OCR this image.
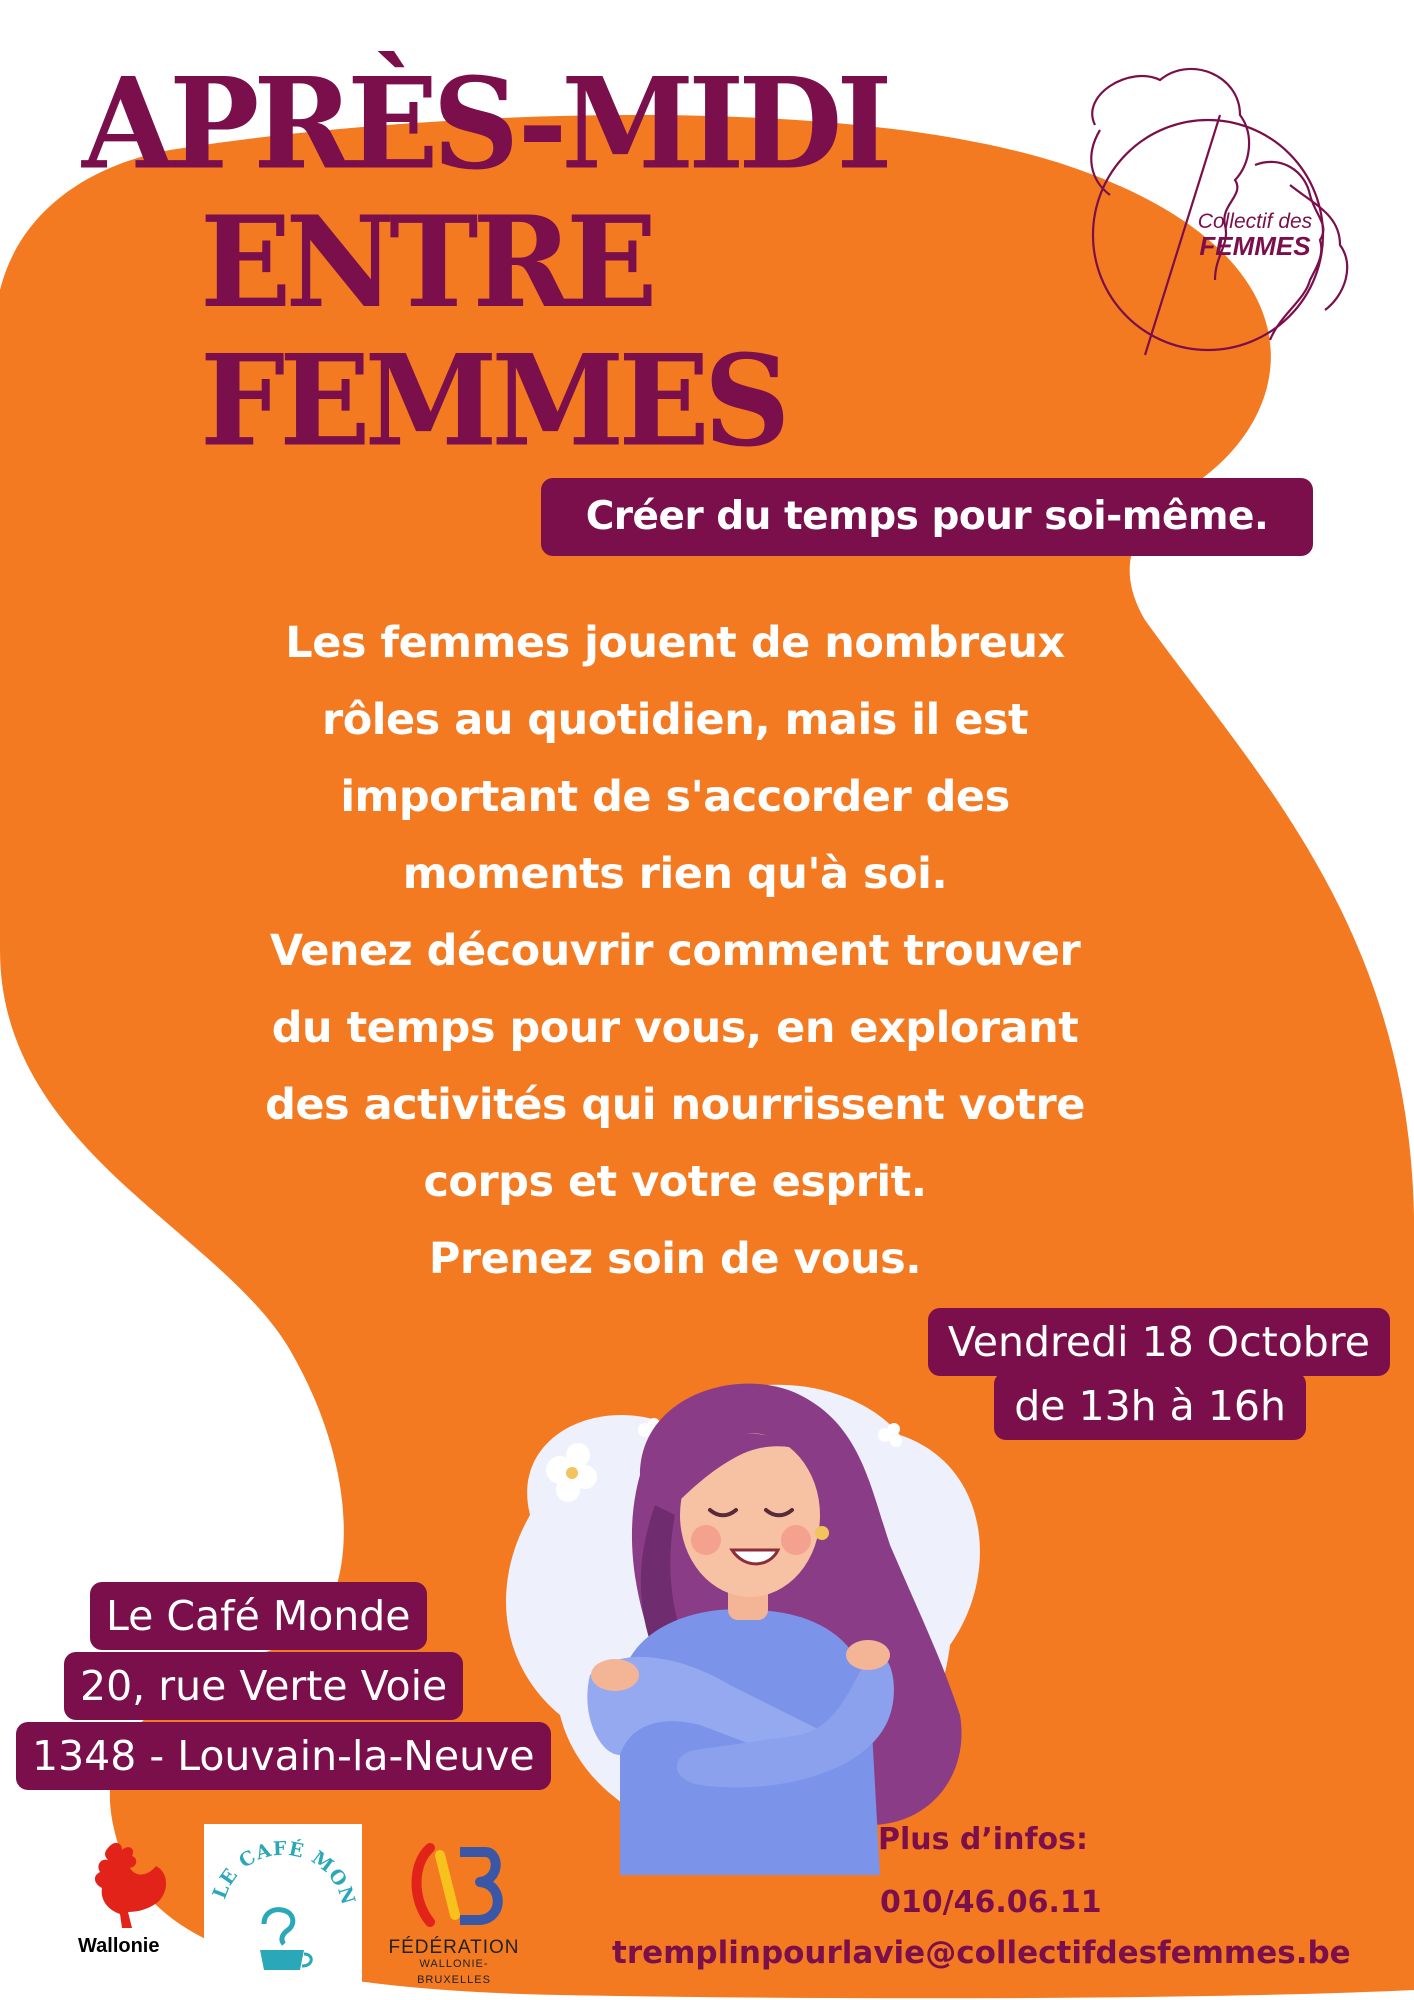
APRÈS-MIDI
ENTRE
FEMMES
Collectif des
FEMMES
Créer du temps pour soi-même.
Les femmes jouent de nombreux
rôles au quotidien, mais il est
important de s'accorder des
moments rien qu'à soi.
Venez découvrir comment trouver
du temps pour vous, en explorant
des activités qui nourrissent votre
corps et votre esprit.
Prenez soin de vous.
Vendredi 18 Octobre
de 13h à 16h
Le Café Monde
20, rue Verte Voie
1348 - Louvain-la-Neuve
Plus d’infos:
010/46.06.11
tremplinpourlavie@collectifdesfemmes.be
Wallonie
LE CAFÉ MON
FÉDÉRATION
WALLONIE-BRUXELLES
